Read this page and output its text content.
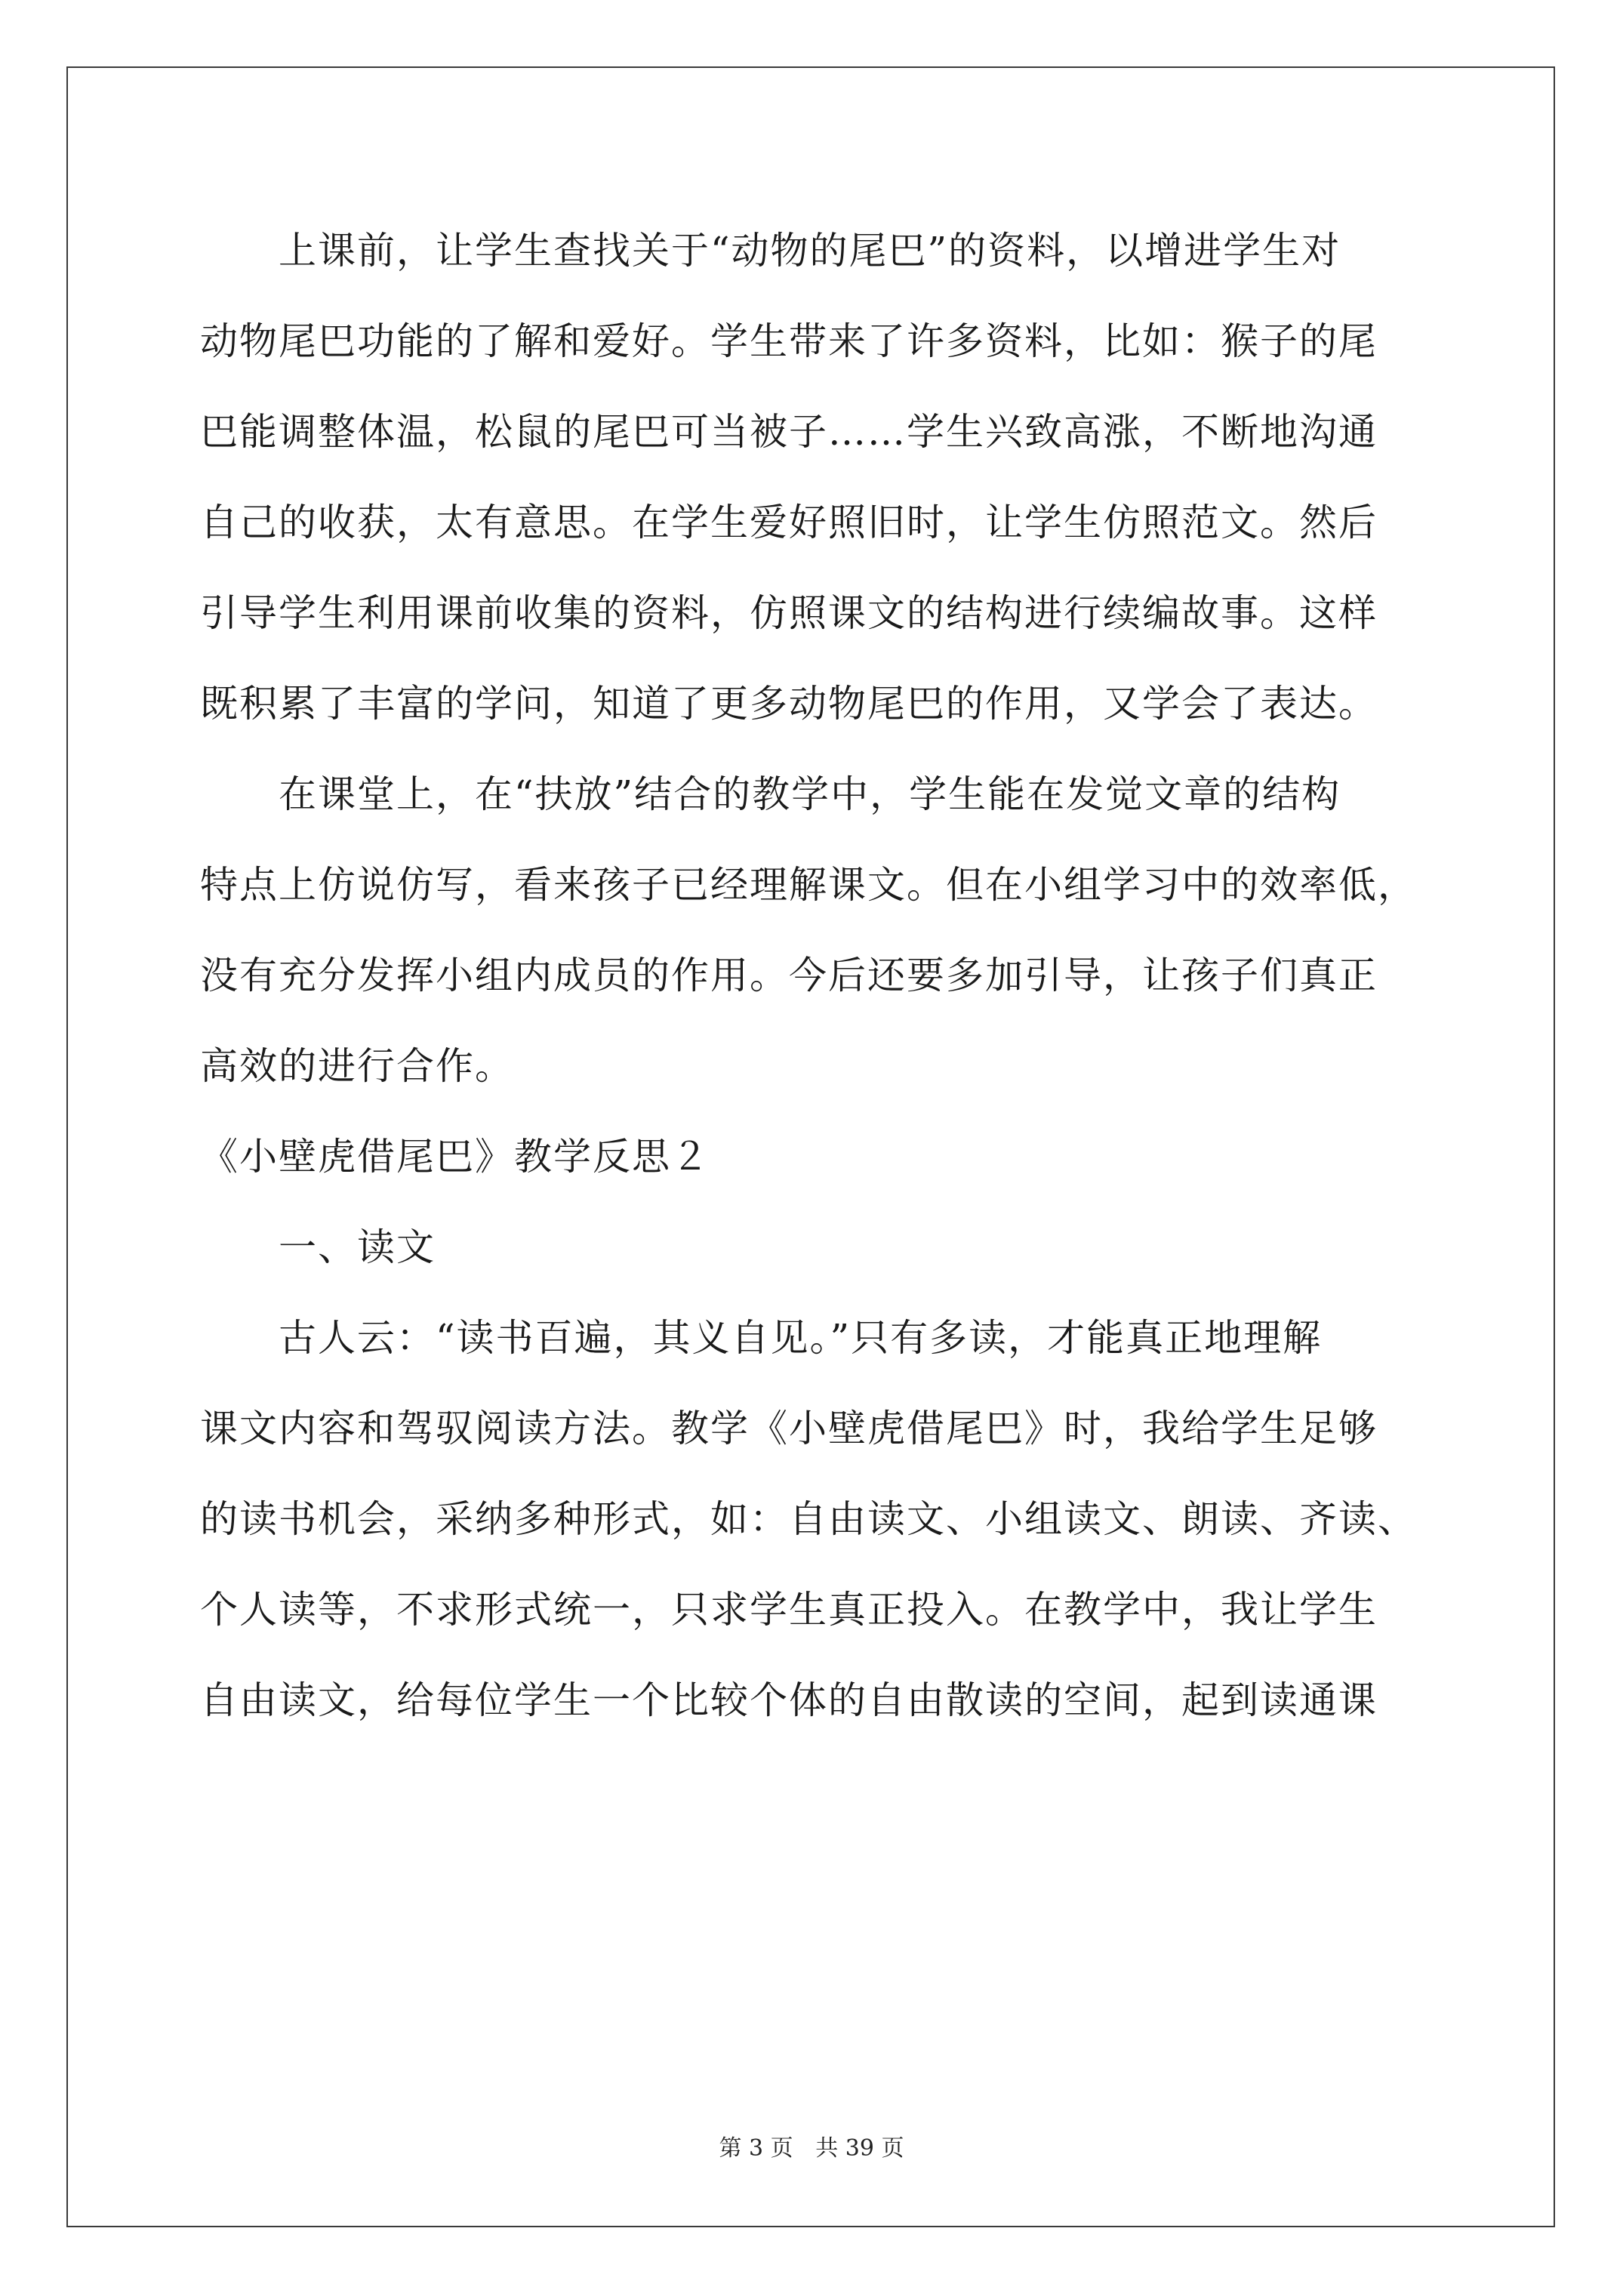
上课前，让学生查找关于“动物的尾巴”的资料，以增进学生对
动物尾巴功能的了解和爱好。学生带来了许多资料，比如：猴子的尾
巴能调整体温，松鼠的尾巴可当被子……学生兴致高涨，不断地沟通
自己的收获，太有意思。在学生爱好照旧时，让学生仿照范文。然后
引导学生利用课前收集的资料，仿照课文的结构进行续编故事。这样
既积累了丰富的学问，知道了更多动物尾巴的作用，又学会了表达。
在课堂上，在“扶放”结合的教学中，学生能在发觉文章的结构
特点上仿说仿写，看来孩子已经理解课文。但在小组学习中的效率低，
没有充分发挥小组内成员的作用。今后还要多加引导，让孩子们真正
高效的进行合作。
《小壁虎借尾巴》教学反思２
一、读文
古人云：“读书百遍，其义自见。”只有多读，才能真正地理解
课文内容和驾驭阅读方法。教学《小壁虎借尾巴》时，我给学生足够
的读书机会，采纳多种形式，如：自由读文、小组读文、朗读、齐读、
个人读等，不求形式统一，只求学生真正投入。在教学中，我让学生
自由读文，给每位学生一个比较个体的自由散读的空间，起到读通课
第 3 页 共 39 页
